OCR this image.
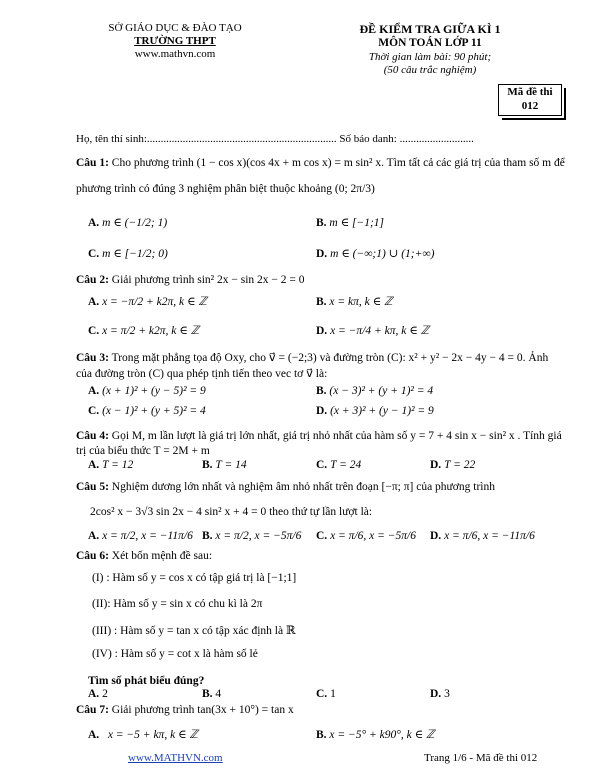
SỞ GIÁO DỤC & ĐÀO TẠO
TRƯỜNG THPT
www.mathvn.com
ĐỀ KIỂM TRA GIỮA KÌ 1
MÔN TOÁN LỚP 11
Thời gian làm bài: 90 phút;
(50 câu trắc nghiệm)
Mã đề thi
012
Họ, tên thí sinh:..................................................................... Số báo danh: ...........................
Câu 1: Cho phương trình (1 − cos x)(cos 4x + m cos x) = m sin² x. Tìm tất cả các giá trị của tham số m để
phương trình có đúng 3 nghiệm phân biệt thuộc khoảng (0; 2π/3)
A. m ∈ (−1/2; 1)	B. m ∈ [−1;1]
C. m ∈ [−1/2; 0)	D. m ∈ (−∞;1) ∪ (1;+∞)
Câu 2: Giải phương trình sin² 2x − sin 2x − 2 = 0
A. x = −π/2 + k2π, k ∈ ℤ	B. x = kπ, k ∈ ℤ
C. x = π/2 + k2π, k ∈ ℤ	D. x = −π/4 + kπ, k ∈ ℤ
Câu 3: Trong mặt phẳng tọa độ Oxy, cho v⃗ = (−2;3) và đường tròn (C): x² + y² − 2x − 4y − 4 = 0. Ảnh
của đường tròn (C) qua phép tịnh tiến theo vec tơ v⃗ là:
A. (x + 1)² + (y − 5)² = 9	B. (x − 3)² + (y + 1)² = 4
C. (x − 1)² + (y + 5)² = 4	D. (x + 3)² + (y − 1)² = 9
Câu 4: Gọi M, m lần lượt là giá trị lớn nhất, giá trị nhỏ nhất của hàm số y = 7 + 4 sin x − sin² x . Tính giá
trị của biểu thức T = 2M + m
A. T = 12	B. T = 14	C. T = 24	D. T = 22
Câu 5: Nghiệm dương lớn nhất và nghiệm âm nhỏ nhất trên đoạn [−π; π] của phương trình
2cos² x − 3√3 sin 2x − 4 sin² x + 4 = 0 theo thứ tự lần lượt là:
A. x = π/2, x = −11π/6 B. x = π/2, x = −5π/6 C. x = π/6, x = −5π/6 D. x = π/6, x = −11π/6
Câu 6: Xét bốn mệnh đề sau:
(I) : Hàm số y = cos x có tập giá trị là [−1;1]
(II): Hàm số y = sin x có chu kì là 2π
(III) : Hàm số y = tan x có tập xác định là ℝ
(IV) : Hàm số y = cot x là hàm số lẻ
Tìm số phát biểu đúng?
A. 2	B. 4	C. 1	D. 3
Câu 7: Giải phương trình tan(3x + 10°) = tan x
A. x = −5 + kπ, k ∈ ℤ	B. x = −5° + k90°, k ∈ ℤ
www.MATHVN.com	Trang 1/6 - Mã đề thi 012
